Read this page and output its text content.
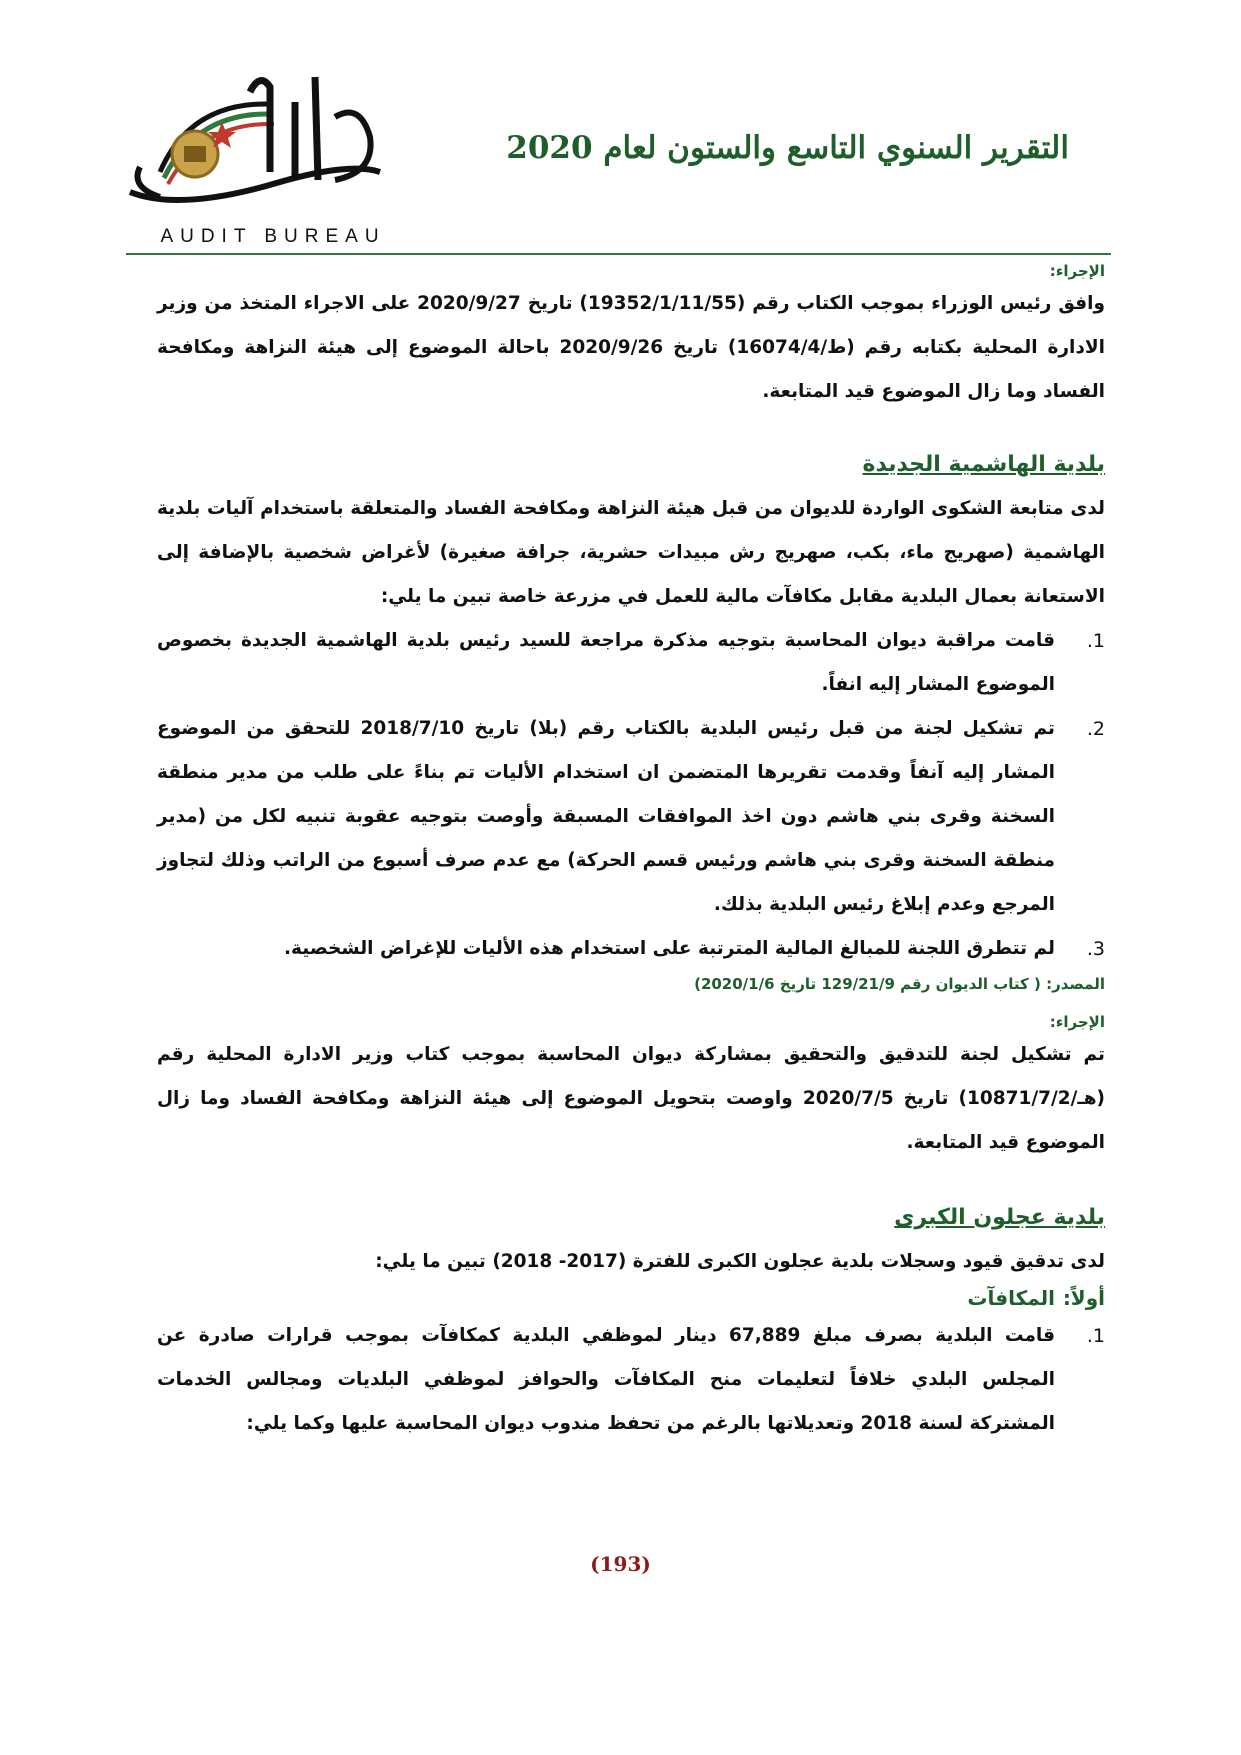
AUDIT BUREAU
التقرير السنوي التاسع والستون لعام 2020

الإجراء:

وافق رئيس الوزراء بموجب الكتاب رقم (19352/1/11/55) تاريخ 2020/9/27 على الاجراء المتخذ من وزير الادارة المحلية بكتابه رقم (ط/16074/4) تاريخ 2020/9/26 باحالة الموضوع إلى هيئة النزاهة ومكافحة الفساد وما زال الموضوع قيد المتابعة.

بلدية الهاشمية الجديدة

لدى متابعة الشكوى الواردة للديوان من قبل هيئة النزاهة ومكافحة الفساد والمتعلقة باستخدام آليات بلدية الهاشمية (صهريج ماء، بكب، صهريج رش مبيدات حشرية، جرافة صغيرة) لأغراض شخصية بالإضافة إلى الاستعانة بعمال البلدية مقابل مكافآت مالية للعمل في مزرعة خاصة تبين ما يلي:

1.
قامت مراقبة ديوان المحاسبة بتوجيه مذكرة مراجعة للسيد رئيس بلدية الهاشمية الجديدة بخصوص الموضوع المشار إليه انفاً.
2.
تم تشكيل لجنة من قبل رئيس البلدية بالكتاب رقم (بلا) تاريخ 2018/7/10 للتحقق من الموضوع المشار إليه آنفاً وقدمت تقريرها المتضمن ان استخدام الأليات تم بناءً على طلب من مدير منطقة السخنة وقرى بني هاشم دون اخذ الموافقات المسبقة وأوصت بتوجيه عقوبة تنبيه لكل من (مدير منطقة السخنة وقرى بني هاشم ورئيس قسم الحركة) مع عدم صرف أسبوع من الراتب وذلك لتجاوز المرجع وعدم إبلاغ رئيس البلدية بذلك.
3.
لم تتطرق اللجنة للمبالغ المالية المترتبة على استخدام هذه الأليات للإغراض الشخصية.

المصدر: ( كتاب الديوان رقم 129/21/9 تاريخ 2020/1/6)

الإجراء:

تم تشكيل لجنة للتدقيق والتحقيق بمشاركة ديوان المحاسبة بموجب كتاب وزير الادارة المحلية رقم (هـ/10871/7/2) تاريخ 2020/7/5 واوصت بتحويل الموضوع إلى هيئة النزاهة ومكافحة الفساد وما زال الموضوع قيد المتابعة.

بلدية عجلون الكبرى

لدى تدقيق قيود وسجلات بلدية عجلون الكبرى للفترة (2017- 2018) تبين ما يلي:

أولاً:
المكافآت
1.
قامت البلدية بصرف مبلغ 67,889 دينار لموظفي البلدية كمكافآت بموجب قرارات صادرة عن المجلس البلدي خلافاً لتعليمات منح المكافآت والحوافز لموظفي البلديات ومجالس الخدمات المشتركة لسنة 2018 وتعديلاتها بالرغم من تحفظ مندوب ديوان المحاسبة عليها وكما يلي:
(193)
